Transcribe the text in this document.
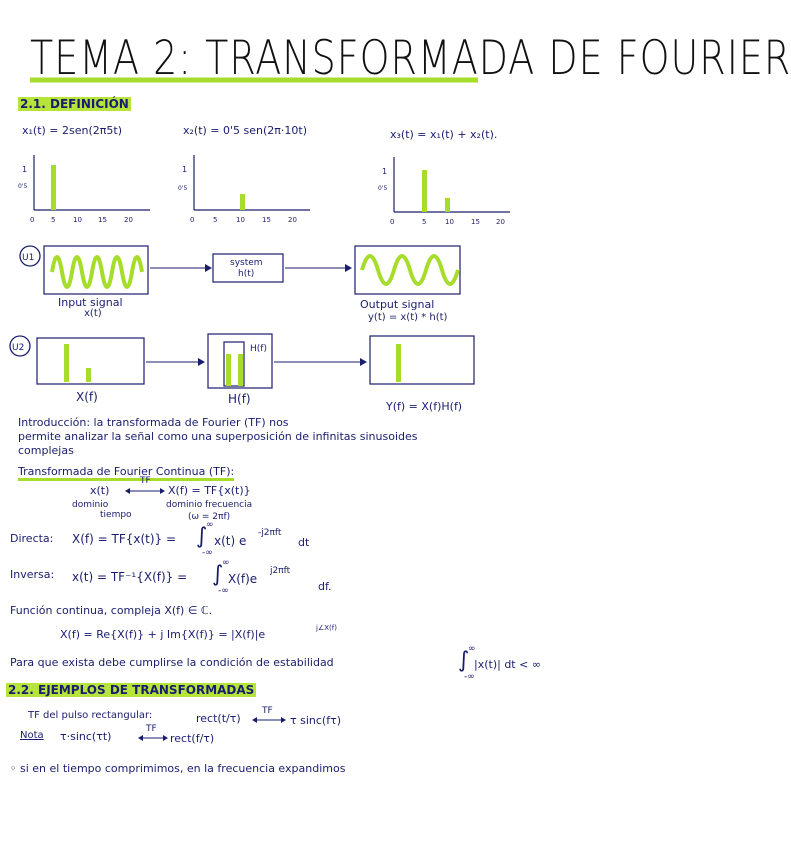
TEMA 2: TRANSFORMADA DE FOURIER
2.1. DEFINICIÓN
x₁(t) = 2sen(2π5t)	x₂(t) = 0'5 sen(2π·10t)	x₃(t) = x₁(t) + x₂(t).
1
0'5
0 5	10 15 20
1
0'5
0	5	10 15 20
1
0'5
0	5	10 15 20
U1	system
h(t)
Input signal
x(t)
Output signal
y(t) = x(t) * h(t)
U2	H(f)
X(f)	H(f)
Y(f) = X(f)H(f)
Introducción: la transformada de Fourier (TF) nos
permite analizar la señal como una superposición de infinitas sinusoides
complejas
Transformada de Fourier Continua (TF):
x(t)
TF
X(f) = TF{x(t)}
dominio
tiempo
dominio frecuencia
(ω = 2πf)
Directa: X(f) = TF{x(t)} = ∫
∞
-∞
x(t) e
-j2πft
dt
Inversa: x(t) = TF⁻¹{X(f)} = ∫
∞
-∞
X(f)e
j2πft
df.
Función continua, compleja X(f) ∈ ℂ.
X(f) = Re{X(f)} + j Im{X(f)} = |X(f)|e	j∠X(f)
Para que exista debe cumplirse la condición de estabilidad	∫
∞
-∞
|x(t)| dt < ∞
2.2. EJEMPLOS DE TRANSFORMADAS
TF del pulso rectangular:	rect(t/τ)
TF
τ sinc(fτ)
Nota τ·sinc(τt)
TF
rect(f/τ)
◦ si en el tiempo comprimimos, en la frecuencia expandimos
